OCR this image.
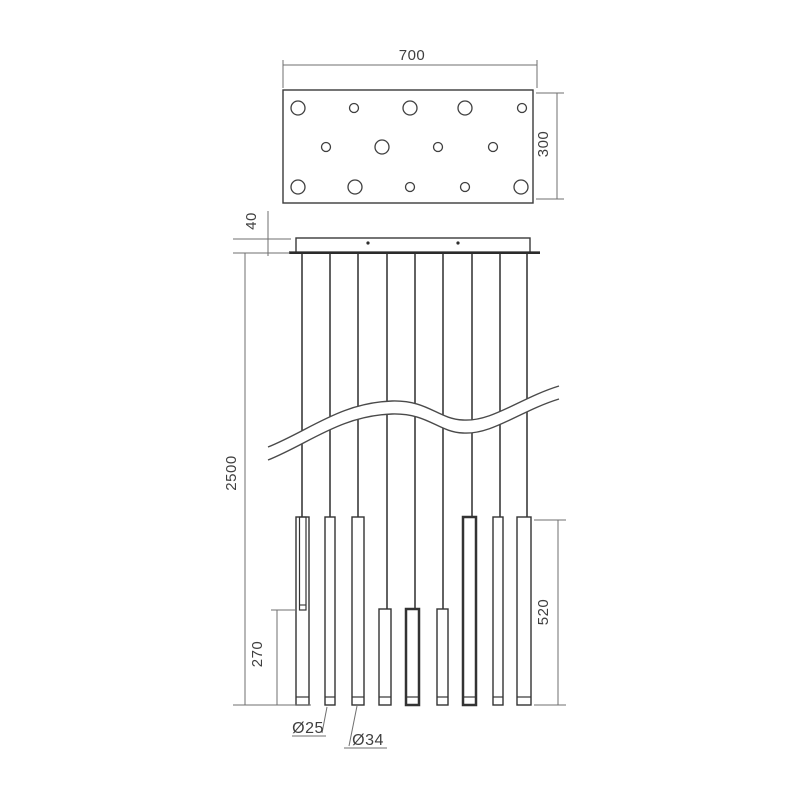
700
300
40
2500
270
520
Ø25
Ø34
